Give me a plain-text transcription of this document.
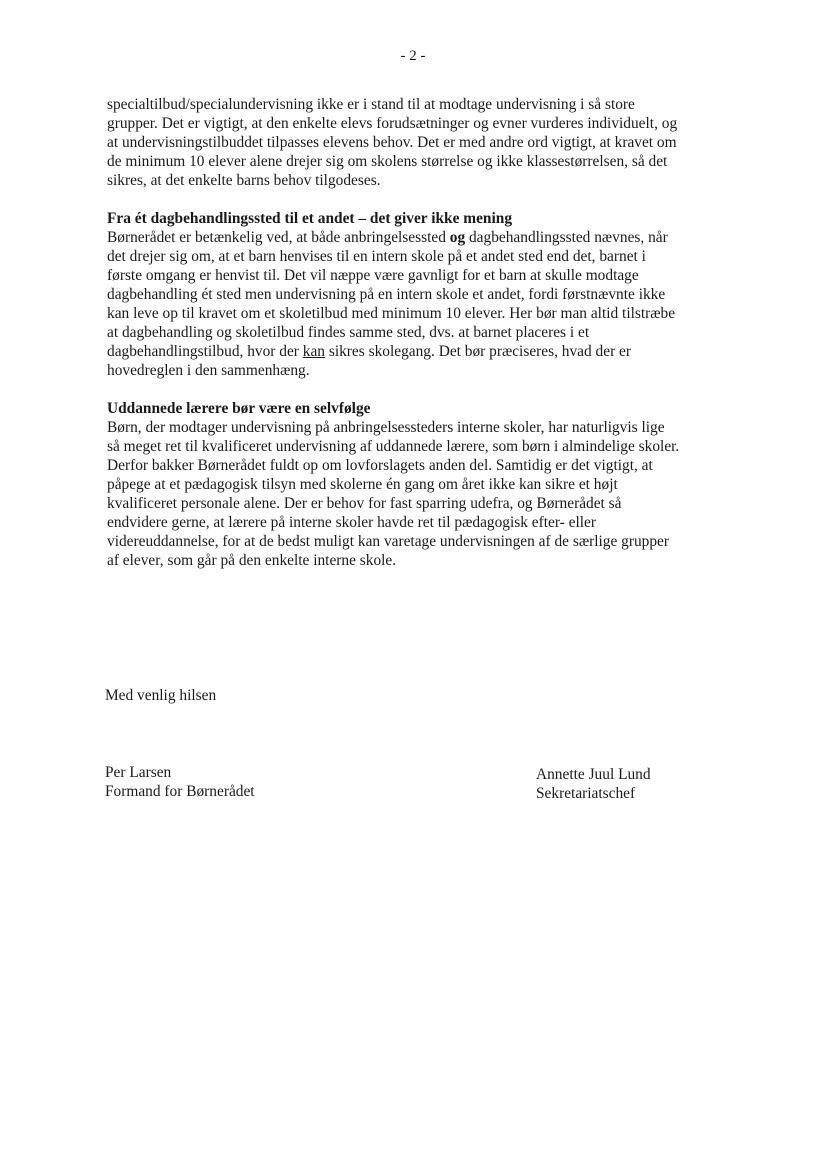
- 2 -

specialtilbud/specialundervisning ikke er i stand til at modtage undervisning i så store grupper. Det er vigtigt, at den enkelte elevs forudsætninger og evner vurderes individuelt, og at undervisningstilbuddet tilpasses elevens behov. Det er med andre ord vigtigt, at kravet om de minimum 10 elever alene drejer sig om skolens størrelse og ikke klassestørrelsen, så det sikres, at det enkelte barns behov tilgodeses.

Fra ét dagbehandlingssted til et andet – det giver ikke mening

Børnerådet er betænkelig ved, at både anbringelsessted og dagbehandlingssted nævnes, når det drejer sig om, at et barn henvises til en intern skole på et andet sted end det, barnet i første omgang er henvist til. Det vil næppe være gavnligt for et barn at skulle modtage dagbehandling ét sted men undervisning på en intern skole et andet, fordi førstnævnte ikke kan leve op til kravet om et skoletilbud med minimum 10 elever. Her bør man altid tilstræbe at dagbehandling og skoletilbud findes samme sted, dvs. at barnet placeres i et dagbehandlingstilbud, hvor der kan sikres skolegang. Det bør præciseres, hvad der er hovedreglen i den sammenhæng.

Uddannede lærere bør være en selvfølge

Børn, der modtager undervisning på anbringelsessteders interne skoler, har naturligvis lige så meget ret til kvalificeret undervisning af uddannede lærere, som børn i almindelige skoler. Derfor bakker Børnerådet fuldt op om lovforslagets anden del. Samtidig er det vigtigt, at påpege at et pædagogisk tilsyn med skolerne én gang om året ikke kan sikre et højt kvalificeret personale alene. Der er behov for fast sparring udefra, og Børnerådet så endvidere gerne, at lærere på interne skoler havde ret til pædagogisk efter- eller videreuddannelse, for at de bedst muligt kan varetage undervisningen af de særlige grupper af elever, som går på den enkelte interne skole.

Med venlig hilsen
Per Larsen
Formand for Børnerådet
Annette Juul Lund
Sekretariatschef
